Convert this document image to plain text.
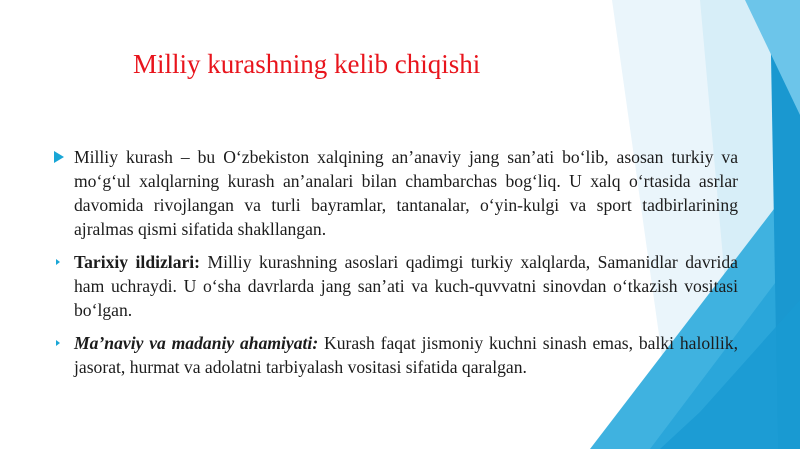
Milliy kurashning kelib chiqishi
Milliy kurash – bu O‘zbekiston xalqining an’anaviy jang san’ati bo‘lib, asosan turkiy va mo‘g‘ul xalqlarning kurash an’analari bilan chambarchas bog‘liq. U xalq o‘rtasida asrlar davomida rivojlangan va turli bayramlar, tantanalar, o‘yin-kulgi va sport tadbirlarining ajralmas qismi sifatida shakllangan.
Tarixiy ildizlari: Milliy kurashning asoslari qadimgi turkiy xalqlarda, Samanidlar davrida ham uchraydi. U o‘sha davrlarda jang san’ati va kuch-quvvatni sinovdan o‘tkazish vositasi bo‘lgan.
Ma’naviy va madaniy ahamiyati: Kurash faqat jismoniy kuchni sinash emas, balki halollik, jasorat, hurmat va adolatni tarbiyalash vositasi sifatida qaralgan.
